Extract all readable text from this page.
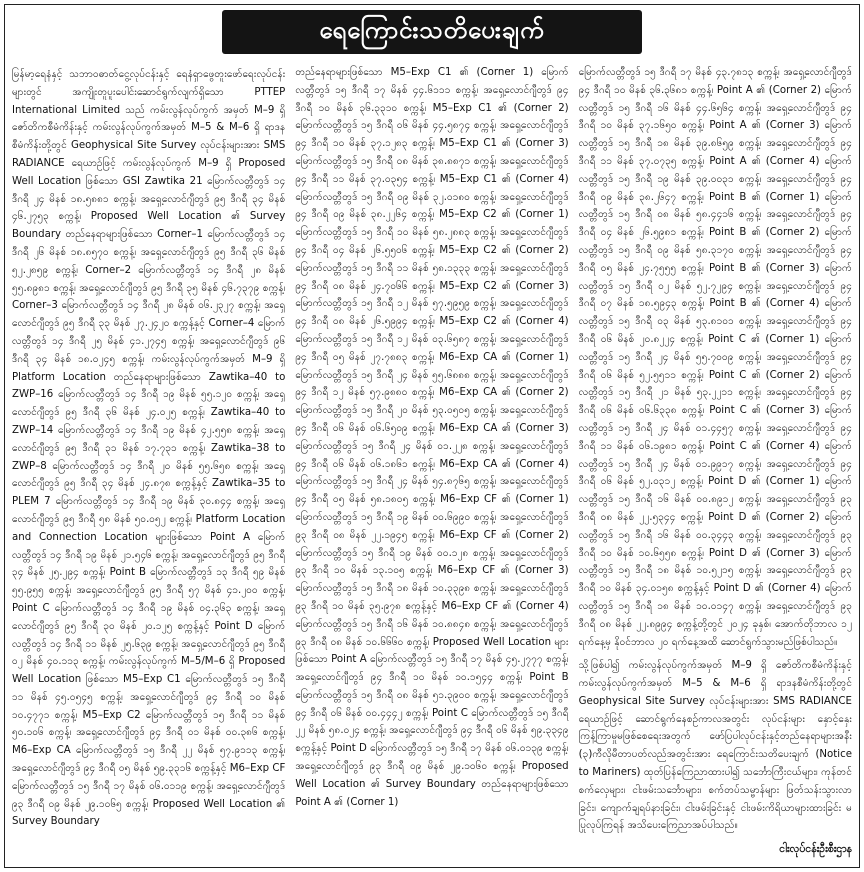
ရေကြောင်းသတိပေးချက်

မြန်မာ့ရေနံနှင့် သဘာဝဓာတ်ငွေ့လုပ်ငန်းနှင့် ရေနံရှာဖွေတူးဖော်ရေးလုပ်ငန်းများတွင် အကျိုးတူပူးပေါင်းဆောင်ရွက်လျက်ရှိသော PTTEP International Limited သည် ကမ်းလွန်လုပ်ကွက် အမှတ် M–9 ရှိ ဇော်တိကစီမံကိန်းနှင့် ကမ်းလွန်လုပ်ကွက်အမှတ် M–5 & M–6 ရှိ ရာဒနစီမံကိန်းတို့တွင် Geophysical Site Survey လုပ်ငန်းများအား SMS RADIANCE ရေယာဉ်ဖြင့် ကမ်းလွန်လုပ်ကွက် M–9 ရှိ Proposed Well Location ဖြစ်သော GSI Zawtika 21 မြောက်လတ္တီတွဒ် ၁၄ ဒီဂရီ ၂၄ မိနစ် ၁၈.၅၈၈၁ စက္ကန့်၊ အရှေ့လောင်ဂျီတွဒ် ၉၅ ဒီဂရီ ၃၄ မိနစ် ၄၆.၂၇၅၃ စက္ကန့်၊ Proposed Well Location ၏ Survey Boundary တည်နေရာများဖြစ်သော Corner–1 မြောက်လတ္တီတွဒ် ၁၄ ဒီဂရီ ၂၆ မိနစ် ၁၈.၈၅၇၀ စက္ကန့်၊ အရှေ့လောင်ဂျီတွဒ် ၉၅ ဒီဂရီ ၃၆ မိနစ် ၅၂.၂၈၅၉ စက္ကန့်၊ Corner–2 မြောက်လတ္တီတွဒ် ၁၄ ဒီဂရီ ၂၈ မိနစ် ၅၅.၈၉၈၁ စက္ကန့်၊ အရှေ့လောင်ဂျီတွဒ် ၉၅ ဒီဂရီ ၃၅ မိနစ် ၄၆.၇၃၇၉ စက္ကန့်၊ Corner–3 မြောက်လတ္တီတွဒ် ၁၄ ဒီဂရီ ၂၈ မိနစ် ၀၆.၂၃၂၇ စက္ကန့်၊ အရှေ့လောင်ဂျီတွဒ် ၉၅ ဒီဂရီ ၃၃ မိနစ် ၂၇.၂၄၂၀ စက္ကန့်နှင့် Corner–4 မြောက်လတ္တီတွဒ် ၁၄ ဒီဂရီ ၂၅ မိနစ် ၄၁.၂၇၄၅ စက္ကန့်၊ အရှေ့လောင်ဂျီတွဒ် ၉၆ ဒီဂရီ ၃၄ မိနစ် ၁၈.၀၂၄၅ စက္ကန့်၊ ကမ်းလွန်လုပ်ကွက်အမှတ် M–9 ရှိ Platform Location တည်နေရာများဖြစ်သော Zawtika–40 to ZWP–16 မြောက်လတ္တီတွဒ် ၁၄ ဒီဂရီ ၁၉ မိနစ် ၅၅.၁၂၀ စက္ကန့်၊ အရှေ့လောင်ဂျီတွဒ် ၉၅ ဒီဂရီ ၃၆ မိနစ် ၂၄.၀၂၅ စက္ကန့်၊ Zawtika–40 to ZWP–14 မြောက်လတ္တီတွဒ် ၁၄ ဒီဂရီ ၁၉ မိနစ် ၄၂.၅၅၈ စက္ကန့်၊ အရှေ့လောင်ဂျီတွဒ် ၉၅ ဒီဂရီ ၃၁ မိနစ် ၁၇.၇၃၁ စက္ကန့်၊ Zawtika–38 to ZWP–8 မြောက်လတ္တီတွဒ် ၁၄ ဒီဂရီ ၂၀ မိနစ် ၅၅.၆၅၈ စက္ကန့်၊ အရှေ့လောင်ဂျီတွဒ် ၉၅ ဒီဂရီ ၃၄ မိနစ် ၂၄.၈၇၈ စက္ကန့်နှင့် Zawtika–35 to PLEM 7 မြောက်လတ္တီတွဒ် ၁၄ ဒီဂရီ ၁၉ မိနစ် ၃၀.၈၄၄ စက္ကန့်၊ အရှေ့လောင်ဂျီတွဒ် ၉၅ ဒီဂရီ ၅၈ မိနစ် ၅၀.၀၅၂ စက္ကန့်၊ Platform Location and Connection Location များဖြစ်သော Point A မြောက်လတ္တီတွဒ် ၁၄ ဒီဂရီ ၁၉ မိနစ် ၂၁.၅၄၆ စက္ကန့်၊ အရှေ့လောင်ဂျီတွဒ် ၉၅ ဒီဂရီ ၃၄ မိနစ် ၂၅.၂၉၄ စက္ကန့်၊ Point B မြောက်လတ္တီတွဒ် ၁၃ ဒီဂရီ ၅၉ မိနစ် ၅၅.၉၅၅ စက္ကန့်၊ အရှေ့လောင်ဂျီတွဒ် ၉၅ ဒီဂရီ ၅၇ မိနစ် ၄၁.၂၀၀ စက္ကန့်၊ Point C မြောက်လတ္တီတွဒ် ၁၄ ဒီဂရီ ၁၉ မိနစ် ၀၄.၃၆၃ စက္ကန့်၊ အရှေ့လောင်ဂျီတွဒ် ၉၅ ဒီဂရီ ၃၀ မိနစ် ၂၀.၁၂၅ စက္ကန့်နှင့် Point D မြောက်လတ္တီတွဒ် ၁၄ ဒီဂရီ ၁၁ မိနစ် ၂၅.၆၃၉ စက္ကန့်၊ အရှေ့လောင်ဂျီတွဒ် ၉၅ ဒီဂရီ ၀၂ မိနစ် ၄၀.၁၁၃ စက္ကန့်၊ ကမ်းလွန်လုပ်ကွက် M–5/M–6 ရှိ Proposed Well Location ဖြစ်သော M5–Exp C1 မြောက်လတ္တီတွဒ် ၁၅ ဒီဂရီ ၁၁ မိနစ် ၄၅.၀၅၄၅ စက္ကန့်၊ အရှေ့လောင်ဂျီတွဒ် ၉၄ ဒီဂရီ ၁၀ မိနစ် ၁၀.၄၇၇၁ စက္ကန့်၊ M5–Exp C2 မြောက်လတ္တီတွဒ် ၁၅ ဒီဂရီ ၁၁ မိနစ် ၅၀.၁၀၆ စက္ကန့်၊ အရှေ့လောင်ဂျီတွဒ် ၉၄ ဒီဂရီ ၀၁ မိနစ် ၀၀.၃၈၆ စက္ကန့်၊ M6–Exp CA မြောက်လတ္တီတွဒ် ၁၅ ဒီဂရီ ၂၂ မိနစ် ၅၇.၉၁၁၃ စက္ကန့်၊ အရှေ့လောင်ဂျီတွဒ် ၉၄ ဒီဂရီ ၀၅ မိနစ် ၅၉.၃၃၁၆ စက္ကန့်နှင့် M6–Exp CF မြောက်လတ္တီတွဒ် ၁၅ ဒီဂရီ ၁၇ မိနစ် ၀၆.၀၁၁၉ စက္ကန့်၊ အရှေ့လောင်ဂျီတွဒ် ၉၃ ဒီဂရီ ၀၉ မိနစ် ၂၉.၁၀၆၅ စက္ကန့်၊ Proposed Well Location ၏ Survey Boundary

တည်နေရာများဖြစ်သော M5–Exp C1 ၏ (Corner 1) မြောက်လတ္တီတွဒ် ၁၅ ဒီဂရီ ၁၇ မိနစ် ၄၄.၆၁၁၁ စက္ကန့်၊ အရှေ့လောင်ဂျီတွဒ် ၉၄ ဒီဂရီ ၁၀ မိနစ် ၃၆.၃၃၁၀ စက္ကန့်၊ M5–Exp C1 ၏ (Corner 2) မြောက်လတ္တီတွဒ် ၁၅ ဒီဂရီ ၀၆ မိနစ် ၄၄.၅၈၇၄ စက္ကန့်၊ အရှေ့လောင်ဂျီတွဒ် ၉၄ ဒီဂရီ ၁၀ မိနစ် ၃၇.၁၂၈၃ စက္ကန့်၊ M5–Exp C1 ၏ (Corner 3) မြောက်လတ္တီတွဒ် ၁၅ ဒီဂရီ ၀၈ မိနစ် ၃၈.၈၈၇၁ စက္ကန့်၊ အရှေ့လောင်ဂျီတွဒ် ၉၄ ဒီဂရီ ၁၁ မိနစ် ၃၇.၀၃၅၄ စက္ကန့်၊ M5–Exp C1 ၏ (Corner 4) မြောက်လတ္တီတွဒ် ၁၅ ဒီဂရီ ၀၉ မိနစ် ၃၂.၀၁၈၀ စက္ကန့်၊ အရှေ့လောင်ဂျီတွဒ် ၉၄ ဒီဂရီ ၀၉ မိနစ် ၃၈.၂၂၆၄ စက္ကန့်၊ M5–Exp C2 ၏ (Corner 1) မြောက်လတ္တီတွဒ် ၁၅ ဒီဂရီ ၁၀ မိနစ် ၅၈.၂၈၈၃ စက္ကန့်၊ အရှေ့လောင်ဂျီတွဒ် ၉၄ ဒီဂရီ ၀၄ မိနစ် ၂၆.၅၅၀၆ စက္ကန့်၊ M5–Exp C2 ၏ (Corner 2) မြောက်လတ္တီတွဒ် ၁၅ ဒီဂရီ ၁၁ မိနစ် ၅၈.၁၃၃၃ စက္ကန့်၊ အရှေ့လောင်ဂျီတွဒ် ၉၄ ဒီဂရီ ၀၈ မိနစ် ၂၄.၇၀၆၆ စက္ကန့်၊ M5–Exp C2 ၏ (Corner 3) မြောက်လတ္တီတွဒ် ၁၅ ဒီဂရီ ၁၂ မိနစ် ၅၇.၅၉၅၉ စက္ကန့်၊ အရှေ့လောင်ဂျီတွဒ် ၉၄ ဒီဂရီ ၀၈ မိနစ် ၂၆.၅၉၉၄ စက္ကန့်၊ M5–Exp C2 ၏ (Corner 4) မြောက်လတ္တီတွဒ် ၁၅ ဒီဂရီ ၁၂ မိနစ် ၀၃.၆၅၈၇ စက္ကန့်၊ အရှေ့လောင်ဂျီတွဒ် ၉၄ ဒီဂရီ ၀၅ မိနစ် ၂၇.၇၈၈၃ စက္ကန့်၊ M6–Exp CA ၏ (Corner 1) မြောက်လတ္တီတွဒ် ၁၅ ဒီဂရီ ၂၄ မိနစ် ၅၅.၆၈၈၈ စက္ကန့်၊ အရှေ့လောင်ဂျီတွဒ် ၉၄ ဒီဂရီ ၁၂ မိနစ် ၅၇.၉၈၈၀ စက္ကန့်၊ M6–Exp CA ၏ (Corner 2) မြောက်လတ္တီတွဒ် ၁၅ ဒီဂရီ ၂၀ မိနစ် ၅၃.၀၅၀၅ စက္ကန့်၊ အရှေ့လောင်ဂျီတွဒ် ၉၄ ဒီဂရီ ၀၆ မိနစ် ၀၆.၆၅၀၉ စက္ကန့်၊ M6–Exp CA ၏ (Corner 3) မြောက်လတ္တီတွဒ် ၁၅ ဒီဂရီ ၂၄ မိနစ် ၀၁.၂၂၈ စက္ကန့်၊ အရှေ့လောင်ဂျီတွဒ် ၉၄ ဒီဂရီ ၀၆ မိနစ် ၀၆.၁၈၆၁ စက္ကန့်၊ M6–Exp CA ၏ (Corner 4) မြောက်လတ္တီတွဒ် ၁၅ ဒီဂရီ ၂၄ မိနစ် ၅၄.၈၇၆၅ စက္ကန့်၊ အရှေ့လောင်ဂျီတွဒ် ၉၄ ဒီဂရီ ၀၅ မိနစ် ၅၈.၁၈၀၅ စက္ကန့်၊ M6–Exp CF ၏ (Corner 1) မြောက်လတ္တီတွဒ် ၁၅ ဒီဂရီ ၁၉ မိနစ် ၀၀.၆၉၉၀ စက္ကန့်၊ အရှေ့လောင်ဂျီတွဒ် ၉၃ ဒီဂရီ ၀၈ မိနစ် ၂၂.၁၉၄၅ စက္ကန့်၊ M6–Exp CF ၏ (Corner 2) မြောက်လတ္တီတွဒ် ၁၅ ဒီဂရီ ၁၉ မိနစ် ၀၀.၁၂၈ စက္ကန့်၊ အရှေ့လောင်ဂျီတွဒ် ၉၃ ဒီဂရီ ၁၀ မိနစ် ၁၃.၁၀၅ စက္ကန့်၊ M6–Exp CF ၏ (Corner 3) မြောက်လတ္တီတွဒ် ၁၅ ဒီဂရီ ၁၈ မိနစ် ၁၀.၃၃၉၈ စက္ကန့်၊ အရှေ့လောင်ဂျီတွဒ် ၉၃ ဒီဂရီ ၁၀ မိနစ် ၃၅.၉၇၈ စက္ကန့်နှင့် M6–Exp CF ၏ (Corner 4) မြောက်လတ္တီတွဒ် ၁၅ ဒီဂရီ ၁၆ မိနစ် ၁၀.၈၈၄၈ စက္ကန့်၊ အရှေ့လောင်ဂျီတွဒ် ၉၃ ဒီဂရီ ၀၈ မိနစ် ၁၀.၆၆၆၀ စက္ကန့်၊ Proposed Well Location များဖြစ်သော Point A မြောက်လတ္တီတွဒ် ၁၅ ဒီဂရီ ၁၇ မိနစ် ၄၅.၂၇၇၇ စက္ကန့်၊ အရှေ့လောင်ဂျီတွဒ် ၉၄ ဒီဂရီ ၁၀ မိနစ် ၁၀.၁၅၄၄ စက္ကန့်၊ Point B မြောက်လတ္တီတွဒ် ၁၅ ဒီဂရီ ၀၈ မိနစ် ၅၁.၃၉၀၀ စက္ကန့်၊ အရှေ့လောင်ဂျီတွဒ် ၉၄ ဒီဂရီ ၀၆ မိနစ် ၀၀.၄၄၄၂ စက္ကန့်၊ Point C မြောက်လတ္တီတွဒ် ၁၅ ဒီဂရီ ၂၂ မိနစ် ၅၈.၀၂၄ စက္ကန့်၊ အရှေ့လောင်ဂျီတွဒ် ၉၄ ဒီဂရီ ၀၆ မိနစ် ၅၉.၃၃၄၉ စက္ကန့်နှင့် Point D မြောက်လတ္တီတွဒ် ၁၅ ဒီဂရီ ၁၇ မိနစ် ၀၆.၀၁၃၉ စက္ကန့်၊ အရှေ့လောင်ဂျီတွဒ် ၉၃ ဒီဂရီ ၀၉ မိနစ် ၂၉.၁၀၆၀ စက္ကန့်၊ Proposed Well Location ၏ Survey Boundary တည်နေရာများဖြစ်သော Point A ၏ (Corner 1)

မြောက်လတ္တီတွဒ် ၁၅ ဒီဂရီ ၁၇ မိနစ် ၄၃.၇၈၁၃ စက္ကန့်၊ အရှေ့လောင်ဂျီတွဒ် ၉၄ ဒီဂရီ ၁၀ မိနစ် ၃၆.၃၆၈၁ စက္ကန့်၊ Point A ၏ (Corner 2) မြောက်လတ္တီတွဒ် ၁၅ ဒီဂရီ ၁၆ မိနစ် ၄၄.၆၅၆၄ စက္ကန့်၊ အရှေ့လောင်ဂျီတွဒ် ၉၄ ဒီဂရီ ၁၀ မိနစ် ၃၇.၁၆၅၀ စက္ကန့်၊ Point A ၏ (Corner 3) မြောက်လတ္တီတွဒ် ၁၅ ဒီဂရီ ၁၈ မိနစ် ၃၉.၈၆၅၉ စက္ကန့်၊ အရှေ့လောင်ဂျီတွဒ် ၉၄ ဒီဂရီ ၁၁ မိနစ် ၃၇.၀၇၃၅ စက္ကန့်၊ Point A ၏ (Corner 4) မြောက်လတ္တီတွဒ် ၁၅ ဒီဂရီ ၁၉ မိနစ် ၃၉.၀၀၃၁ စက္ကန့်၊ အရှေ့လောင်ဂျီတွဒ် ၉၄ ဒီဂရီ ၀၉ မိနစ် ၃၈.၂၆၄၇ စက္ကန့်၊ Point B ၏ (Corner 1) မြောက်လတ္တီတွဒ် ၁၅ ဒီဂရီ ၀၈ မိနစ် ၅၈.၄၄၁၆ စက္ကန့်၊ အရှေ့လောင်ဂျီတွဒ် ၉၄ ဒီဂရီ ၀၄ မိနစ် ၂၆.၅၉၈၁ စက္ကန့်၊ Point B ၏ (Corner 2) မြောက်လတ္တီတွဒ် ၁၅ ဒီဂရီ ၀၉ မိနစ် ၅၈.၃၁၇၀ စက္ကန့်၊ အရှေ့လောင်ဂျီတွဒ် ၉၄ ဒီဂရီ ၀၅ မိနစ် ၂၄.၇၅၅၅ စက္ကန့်၊ Point B ၏ (Corner 3) မြောက်လတ္တီတွဒ် ၁၅ ဒီဂရီ ၀၂ မိနစ် ၅၂.၇၂၉၄ စက္ကန့်၊ အရှေ့လောင်ဂျီတွဒ် ၉၄ ဒီဂရီ ၀၇ မိနစ် ၁၈.၅၉၄၃ စက္ကန့်၊ Point B ၏ (Corner 4) မြောက်လတ္တီတွဒ် ၁၅ ဒီဂရီ ၀၃ မိနစ် ၅၃.၈၁၀၁ စက္ကန့်၊ အရှေ့လောင်ဂျီတွဒ် ၉၄ ဒီဂရီ ၀၆ မိနစ် ၂၀.၈၂၂၄ စက္ကန့်၊ Point C ၏ (Corner 1) မြောက်လတ္တီတွဒ် ၁၅ ဒီဂရီ ၂၄ မိနစ် ၅၅.၇၀၀၉ စက္ကန့်၊ အရှေ့လောင်ဂျီတွဒ် ၉၄ ဒီဂရီ ၀၆ မိနစ် ၅၂.၅၅၁၁ စက္ကန့်၊ Point C ၏ (Corner 2) မြောက်လတ္တီတွဒ် ၁၅ ဒီဂရီ ၂၁ မိနစ် ၅၃.၂၂၁၁ စက္ကန့်၊ အရှေ့လောင်ဂျီတွဒ် ၉၄ ဒီဂရီ ၀၆ မိနစ် ၀၆.၆၃၃၈ စက္ကန့်၊ Point C ၏ (Corner 3) မြောက်လတ္တီတွဒ် ၁၅ ဒီဂရီ ၂၄ မိနစ် ၀၁.၄၄၅၇ စက္ကန့်၊ အရှေ့လောင်ဂျီတွဒ် ၉၄ ဒီဂရီ ၁၁ မိနစ် ၀၆.၁၉၈၁ စက္ကန့်၊ Point C ၏ (Corner 4) မြောက်လတ္တီတွဒ် ၁၅ ဒီဂရီ ၂၄ မိနစ် ၀၁.၉၉၁၇ စက္ကန့်၊ အရှေ့လောင်ဂျီတွဒ် ၉၄ ဒီဂရီ ၀၆ မိနစ် ၅၂.၀၃၁၂ စက္ကန့်၊ Point D ၏ (Corner 1) မြောက်လတ္တီတွဒ် ၁၅ ဒီဂရီ ၁၆ မိနစ် ၀၀.၈၉၁၂ စက္ကန့်၊ အရှေ့လောင်ဂျီတွဒ် ၉၃ ဒီဂရီ ၀၈ မိနစ် ၂၂.၅၃၄၄ စက္ကန့်၊ Point D ၏ (Corner 2) မြောက်လတ္တီတွဒ် ၁၅ ဒီဂရီ ၁၆ မိနစ် ၀၀.၃၄၄၃ စက္ကန့်၊ အရှေ့လောင်ဂျီတွဒ် ၉၃ ဒီဂရီ ၁၀ မိနစ် ၁၀.၆၅၅၈ စက္ကန့်၊ Point D ၏ (Corner 3) မြောက်လတ္တီတွဒ် ၁၅ ဒီဂရီ ၁၈ မိနစ် ၁၀.၅၂၁၅ စက္ကန့်၊ အရှေ့လောင်ဂျီတွဒ် ၉၃ ဒီဂရီ ၁၀ မိနစ် ၃၄.၀၁၅၈ စက္ကန့်နှင့် Point D ၏ (Corner 4) မြောက်လတ္တီတွဒ် ၁၅ ဒီဂရီ ၁၈ မိနစ် ၁၀.၀၁၄၇ စက္ကန့်၊ အရှေ့လောင်ဂျီတွဒ် ၉၃ ဒီဂရီ ၀၈ မိနစ် ၂၂.၈၉၉၄ စက္ကန့်တို့တွင် ၂၀၂၄ ခုနှစ်၊ အောက်တိုဘာလ ၁၂ ရက်နေ့မှ နိုဝင်ဘာလ ၂၀ ရက်နေ့အထိ ဆောင်ရွက်သွားမည်ဖြစ်ပါသည်။

သို့ဖြစ်ပါ၍ ကမ်းလွန်လုပ်ကွက်အမှတ် M–9 ရှိ ဇော်တိကစီမံကိန်းနှင့် ကမ်းလွန်လုပ်ကွက်အမှတ် M–5 & M–6 ရှိ ရာဒနစီမံကိန်းတို့တွင် Geophysical Site Survey လုပ်ငန်းများအား SMS RADIANCE ရေယာဉ်ဖြင့် ဆောင်ရွက်နေစဉ်ကာလအတွင်း လုပ်ငန်းများ နှောင့်နှေးကြန့်ကြာမှုမဖြစ်စေရေးအတွက် ဖော်ပြပါလုပ်ငန်းနှင့်တည်နေရာများအနီး (၃)ကီလိုမီတာပတ်လည်အတွင်းအား ရေကြောင်းသတိပေးချက် (Notice to Mariners) ထုတ်ပြန်ကြေညာထားပါ၍ သင်္ဘောကြီးငယ်များ၊ ကုန်တင်စက်လှေများ၊ ငါးဖမ်းသင်္ဘောများ၊ စက်တပ်သမ္ဗာန်များ ဖြတ်သန်းသွားလာခြင်း၊ ကျောက်ချရပ်နားခြင်း၊ ငါးဖမ်းခြင်းနှင့် ငါးဖမ်းကိရိယာများထားခြင်း မပြုလုပ်ကြရန် အသိပေးကြေညာအပ်ပါသည်။

ငါးလုပ်ငန်းဦးစီးဌာန
